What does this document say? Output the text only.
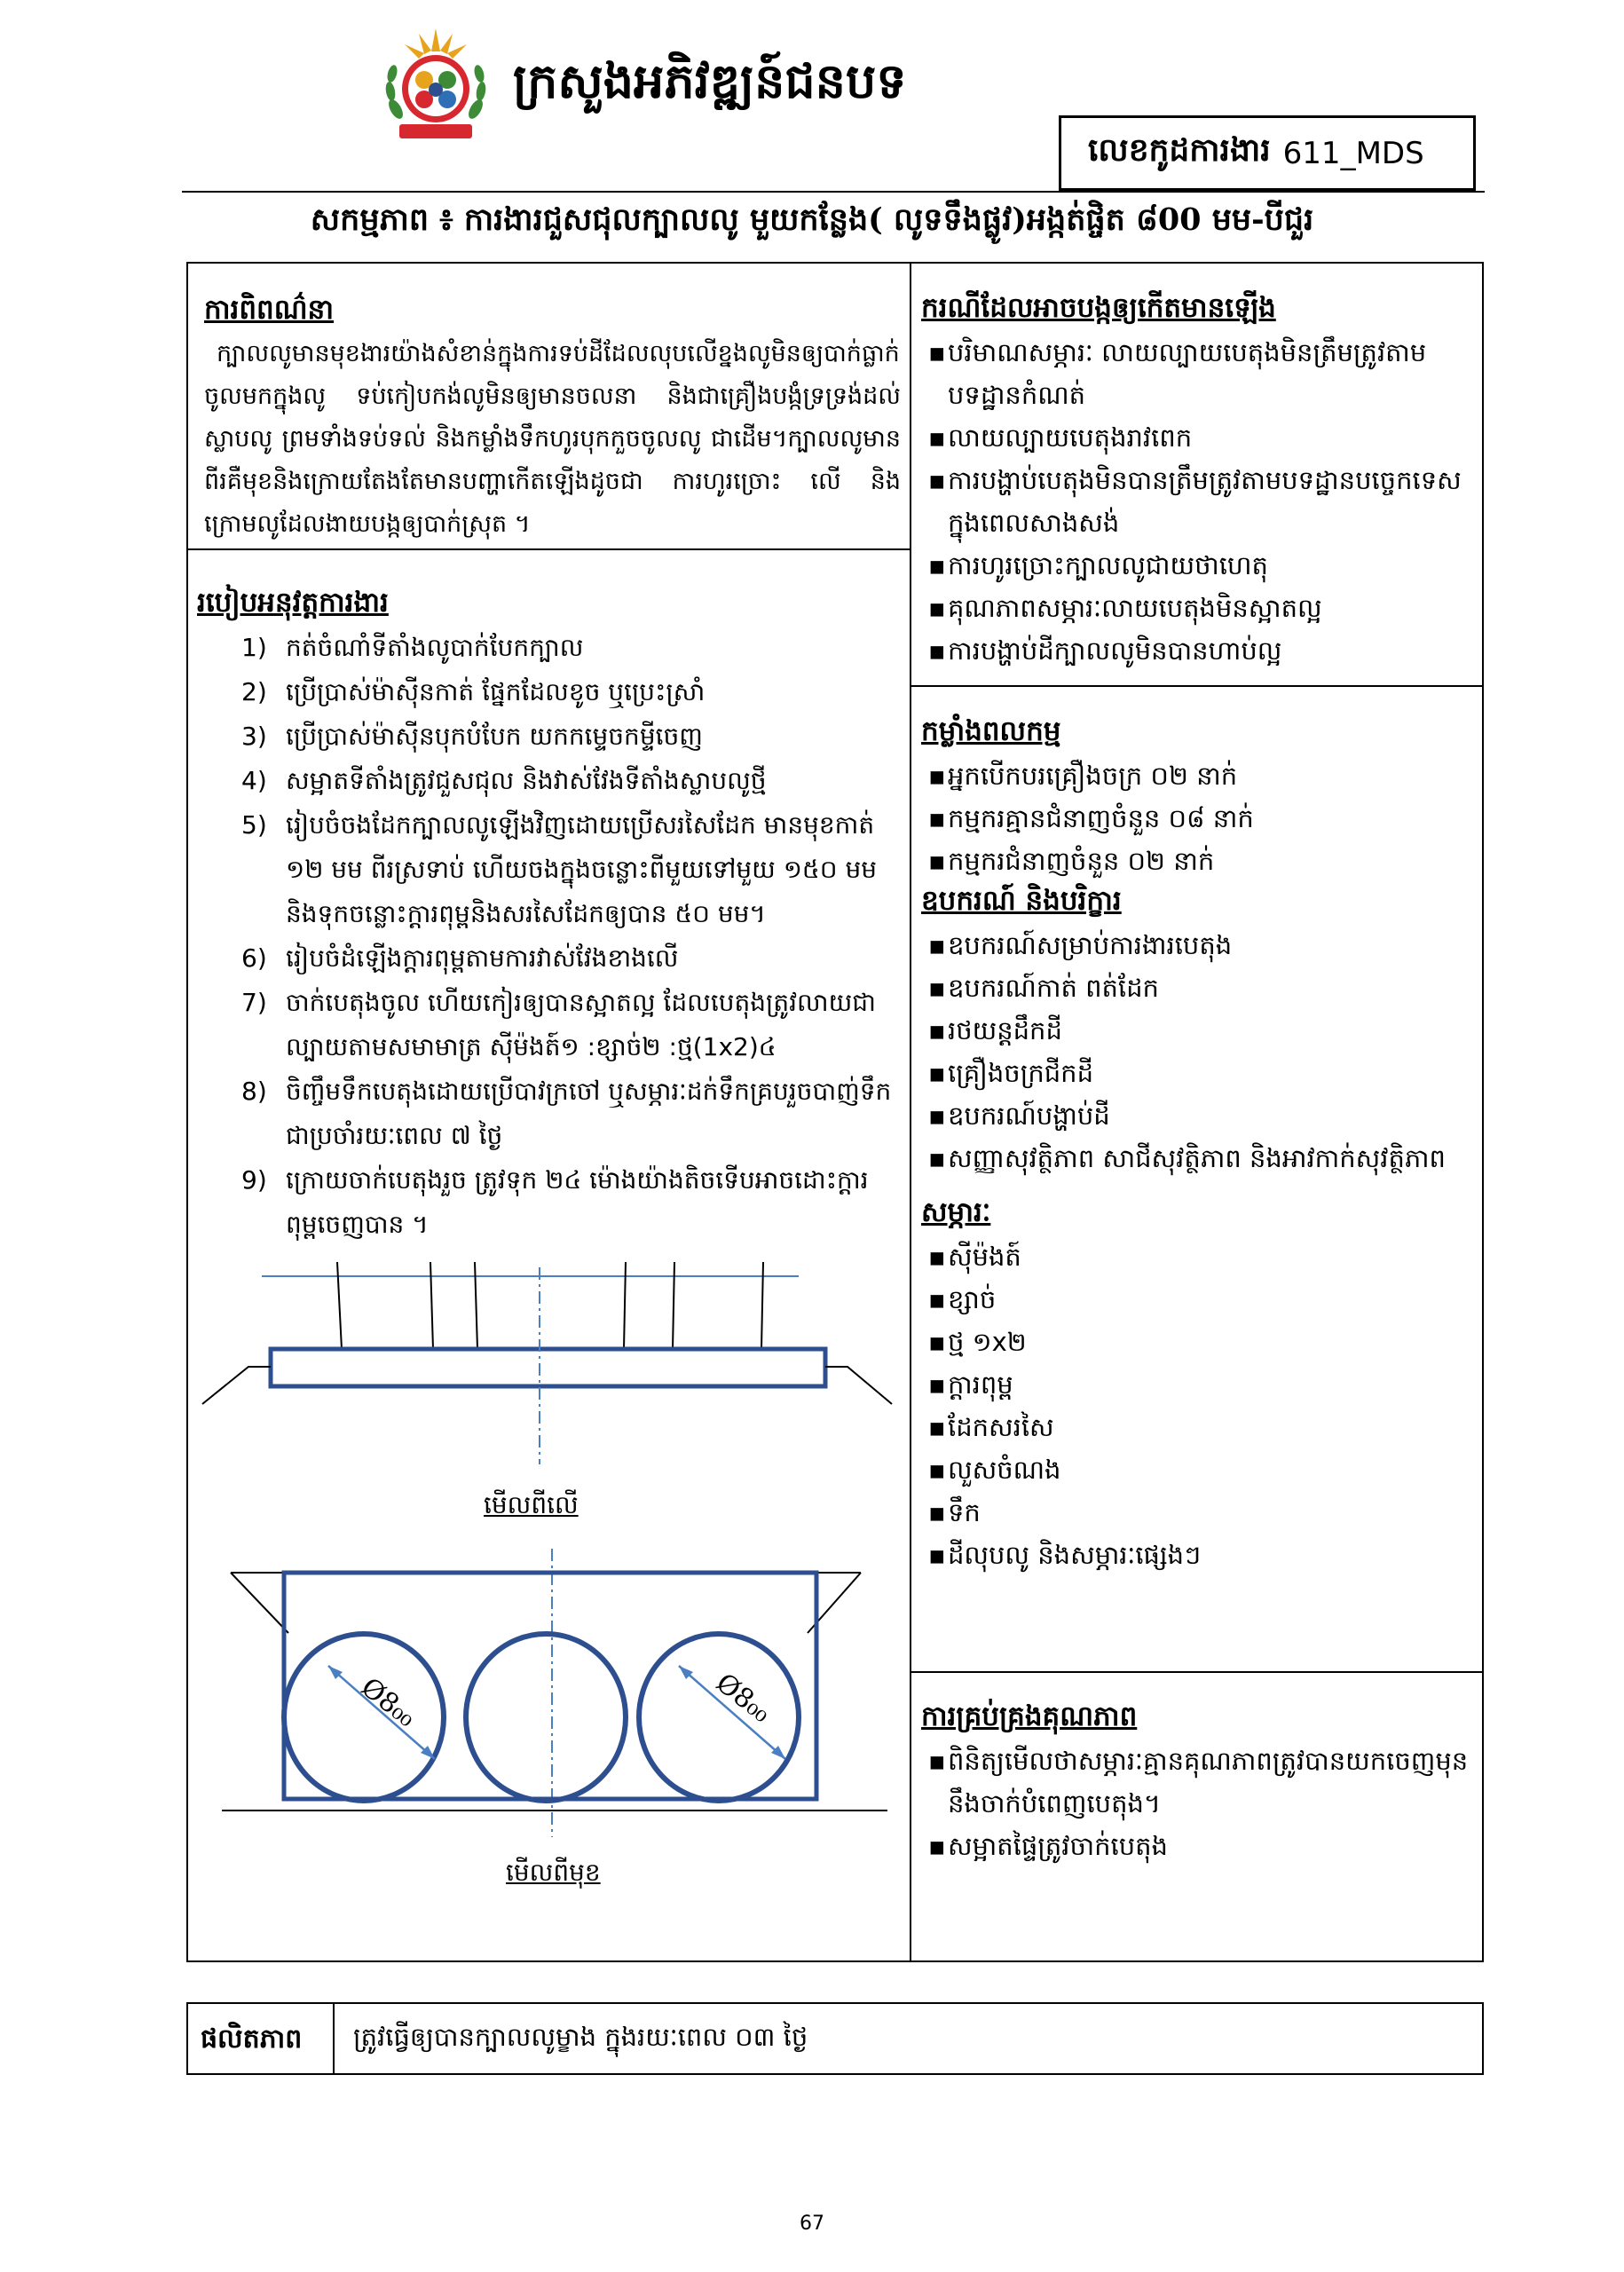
ក្រសួងអភិវឌ្ឍន៍ជនបទ
លេខកូដការងារ 611_MDS
សកម្មភាព ៖ ការងារជួសជុលក្បាលលូ មួយកន្លែង( លូទទឹងផ្លូវ)អង្កត់ផ្ចិត ៨00 មម-បីជួរ
ការពិពណ៌នា
ក្បាលលូមានមុខងារយ៉ាងសំខាន់ក្នុងការទប់ដីដែលលុបលើខ្នងលូមិនឲ្យបាក់ធ្លាក់ចូលមកក្នុងលូ ទប់កៀបកង់លូមិនឲ្យមានចលនា និងជាគ្រឿងបង្កំទ្រទ្រង់ដល់ស្លាបលូ ព្រមទាំងទប់ទល់ និងកម្លាំងទឹកហូរបុកកួចចូលលូ ជាដើម។ក្បាលលូមានពីរគឺមុខនិងក្រោយតែងតែមានបញ្ហាកើតឡើងដូចជា ការហូរច្រោះ លើ និងក្រោមលូដែលងាយបង្កឲ្យបាក់ស្រុត ។
របៀបអនុវត្តការងារ
1) កត់ចំណាំទីតាំងលូបាក់បែកក្បាល
2) ប្រើប្រាស់ម៉ាស៊ីនកាត់ ផ្នែកដែលខូច ឬប្រេះស្រាំ
3) ប្រើប្រាស់ម៉ាស៊ីនបុកបំបែក យកកម្ទេចកម្ទីចេញ
4) សម្អាតទីតាំងត្រូវជួសជុល និងវាស់វែងទីតាំងស្លាបលូថ្មី
5) រៀបចំចងដែកក្បាលលូឡើងវិញដោយប្រើសរសៃដែក មានមុខកាត់ ១២ មម ពីរស្រទាប់ ហើយចងក្នុងចន្លោះពីមួយទៅមួយ ១៥០ មម និងទុកចន្លោះក្តារពុម្ពនិងសរសៃដែកឲ្យបាន ៥០ មម។
6) រៀបចំដំឡើងក្តារពុម្ពតាមការវាស់វែងខាងលើ
7) ចាក់បេតុងចូល ហើយកៀរឲ្យបានស្អាតល្អ ដែលបេតុងត្រូវលាយជាល្បាយតាមសមាមាត្រ ស៊ីម៉ងត៍១ :ខ្សាច់២ :ថ្ម(1x2)៤
8) ចិញ្ចឹមទឹកបេតុងដោយប្រើបាវក្រចៅ ឬសម្ភារៈដក់ទឹកគ្របរួចបាញ់ទឹកជាប្រចាំរយៈពេល ៧ ថ្ងៃ
9) ក្រោយចាក់បេតុងរួច ត្រូវទុក ២៤ ម៉ោងយ៉ាងតិចទើបអាចដោះក្តារពុម្ពចេញបាន ។
Ø8₀₀	Ø8₀₀
មើលពីលើ
មើលពីមុខ
ករណីដែលអាចបង្កឲ្យកើតមានឡើង
▪ បរិមាណសម្ភារៈ លាយល្បាយបេតុងមិនត្រឹមត្រូវតាមបទដ្ឋានកំណត់
▪ លាយល្បាយបេតុងរាវពេក
▪ ការបង្ហាប់បេតុងមិនបានត្រឹមត្រូវតាមបទដ្ឋានបច្ចេកទេសក្នុងពេលសាងសង់
▪ ការហូរច្រោះក្បាលលូជាយថាហេតុ
▪ គុណភាពសម្ភារៈលាយបេតុងមិនស្អាតល្អ
▪ ការបង្ហាប់ដីក្បាលលូមិនបានហាប់ល្អ
កម្លាំងពលកម្ម
▪ អ្នកបើកបរគ្រឿងចក្រ ០២ នាក់
▪ កម្មករគ្មានជំនាញចំនួន ០៨ នាក់
▪ កម្មករជំនាញចំនួន ០២ នាក់
ឧបករណ៍ និងបរិក្ខារ
▪ ឧបករណ៍សម្រាប់ការងារបេតុង
▪ ឧបករណ៍កាត់ ពត់ដែក
▪ រថយន្តដឹកដី
▪ គ្រឿងចក្រជីកដី
▪ ឧបករណ៍បង្ហាប់ដី
▪ សញ្ញាសុវត្ថិភាព សាជីសុវត្ថិភាព និងអាវកាក់សុវត្ថិភាព
សម្ភារៈ
▪ ស៊ីម៉ងត៍
▪ ខ្សាច់
▪ ថ្ម ១x២
▪ ក្តារពុម្ព
▪ ដែកសរសៃ
▪ លួសចំណង
▪ ទឹក
▪ ដីលុបលូ និងសម្ភារៈផ្សេងៗ
ការគ្រប់គ្រងគុណភាព
▪ ពិនិត្យមើលថាសម្ភារៈគ្មានគុណភាពត្រូវបានយកចេញមុននឹងចាក់បំពេញបេតុង។
▪ សម្អាតផ្ទៃត្រូវចាក់បេតុង
ផលិតភាព ត្រូវធ្វើឲ្យបានក្បាលលូម្ខាង ក្នុងរយៈពេល ០៣ ថ្ងៃ
67
